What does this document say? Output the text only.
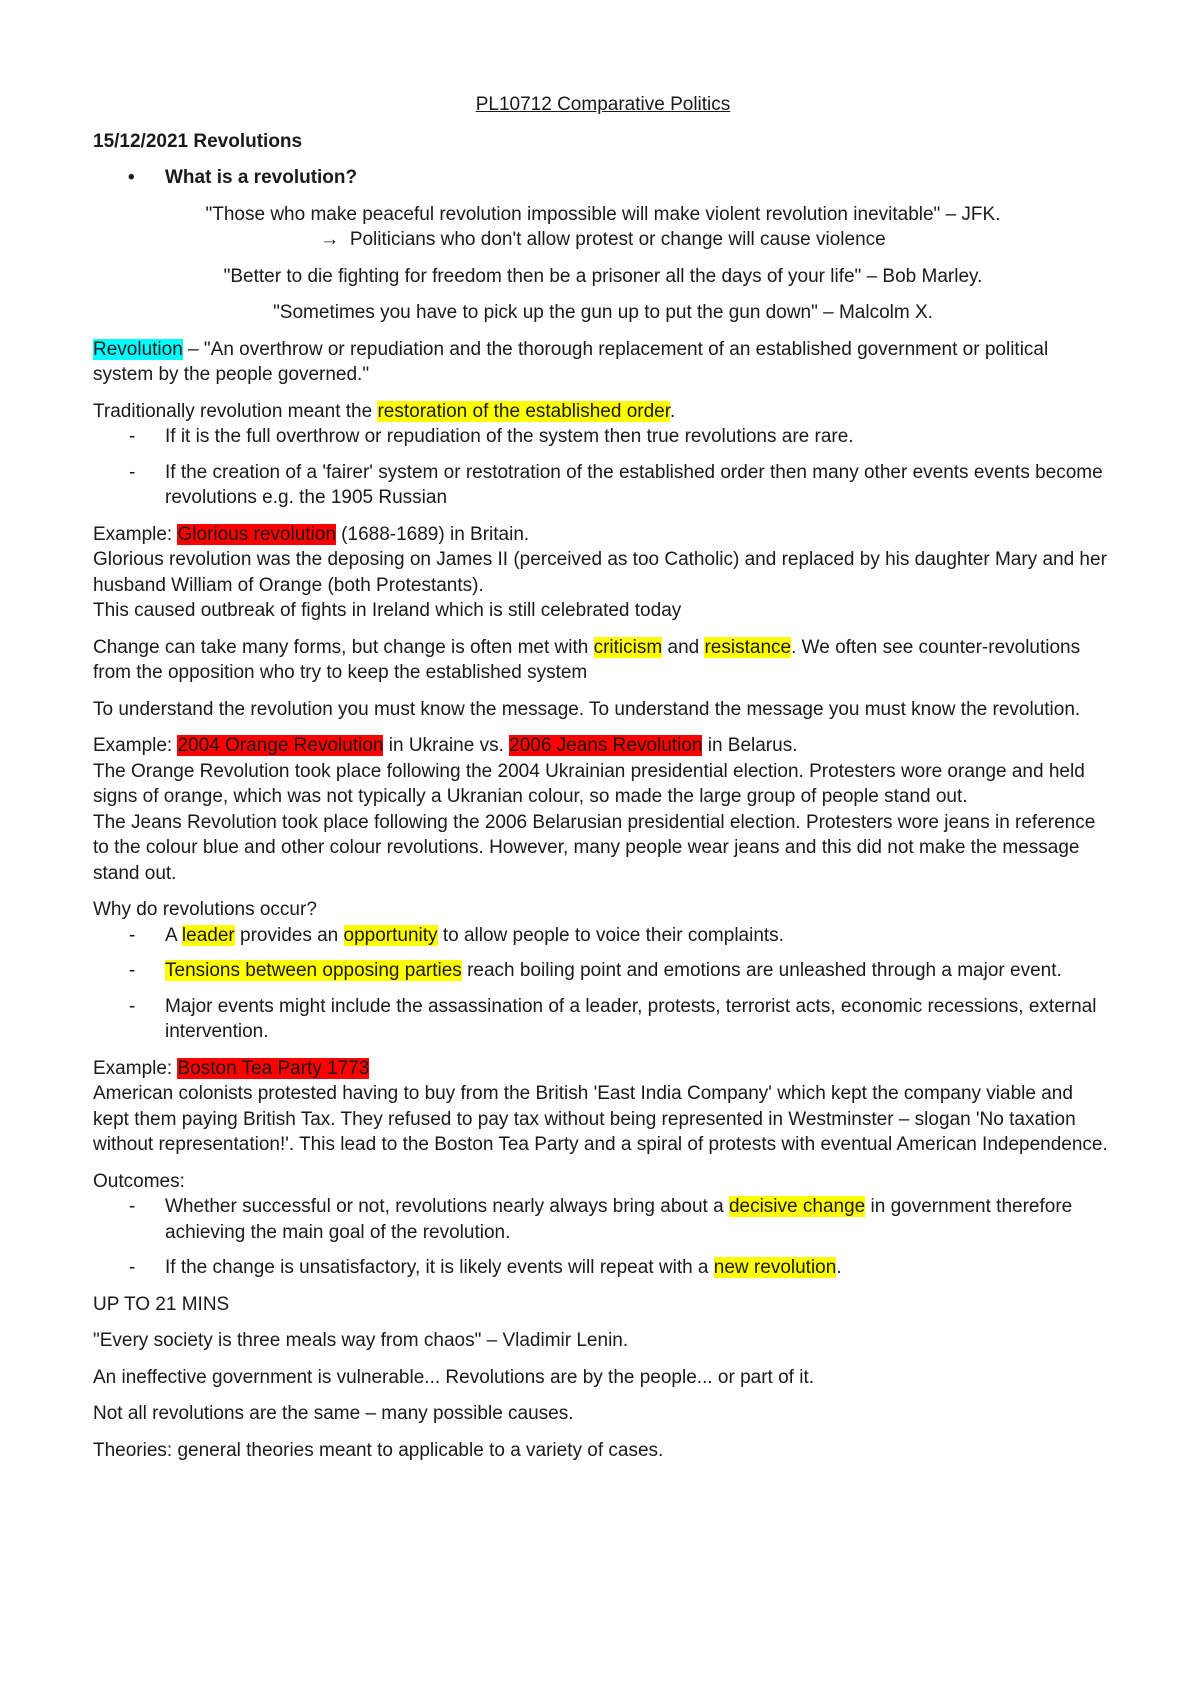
PL10712 Comparative Politics

15/12/2021 Revolutions

• What is a revolution?

"Those who make peaceful revolution impossible will make violent revolution inevitable" – JFK.

→ Politicians who don't allow protest or change will cause violence

"Better to die fighting for freedom then be a prisoner all the days of your life" – Bob Marley.

"Sometimes you have to pick up the gun up to put the gun down" – Malcolm X.

Revolution – "An overthrow or repudiation and the thorough replacement of an established government or political system by the people governed."

Traditionally revolution meant the restoration of the established order.

- If it is the full overthrow or repudiation of the system then true revolutions are rare.
- If the creation of a 'fairer' system or restotration of the established order then many other events events become revolutions e.g. the 1905 Russian

Example: Glorious revolution (1688-1689) in Britain.

Glorious revolution was the deposing on James II (perceived as too Catholic) and replaced by his daughter Mary and her husband William of Orange (both Protestants).

This caused outbreak of fights in Ireland which is still celebrated today

Change can take many forms, but change is often met with criticism and resistance. We often see counter-revolutions from the opposition who try to keep the established system

To understand the revolution you must know the message. To understand the message you must know the revolution.

Example: 2004 Orange Revolution in Ukraine vs. 2006 Jeans Revolution in Belarus.

The Orange Revolution took place following the 2004 Ukrainian presidential election. Protesters wore orange and held signs of orange, which was not typically a Ukranian colour, so made the large group of people stand out.

The Jeans Revolution took place following the 2006 Belarusian presidential election. Protesters wore jeans in reference to the colour blue and other colour revolutions. However, many people wear jeans and this did not make the message stand out.

Why do revolutions occur?

- A leader provides an opportunity to allow people to voice their complaints.
- Tensions between opposing parties reach boiling point and emotions are unleashed through a major event.
- Major events might include the assassination of a leader, protests, terrorist acts, economic recessions, external intervention.

Example: Boston Tea Party 1773

American colonists protested having to buy from the British 'East India Company' which kept the company viable and kept them paying British Tax. They refused to pay tax without being represented in Westminster – slogan 'No taxation without representation!'. This lead to the Boston Tea Party and a spiral of protests with eventual American Independence.

Outcomes:

- Whether successful or not, revolutions nearly always bring about a decisive change in government therefore achieving the main goal of the revolution.
- If the change is unsatisfactory, it is likely events will repeat with a new revolution.

UP TO 21 MINS

"Every society is three meals way from chaos" – Vladimir Lenin.

An ineffective government is vulnerable... Revolutions are by the people... or part of it.

Not all revolutions are the same – many possible causes.

Theories: general theories meant to applicable to a variety of cases.
